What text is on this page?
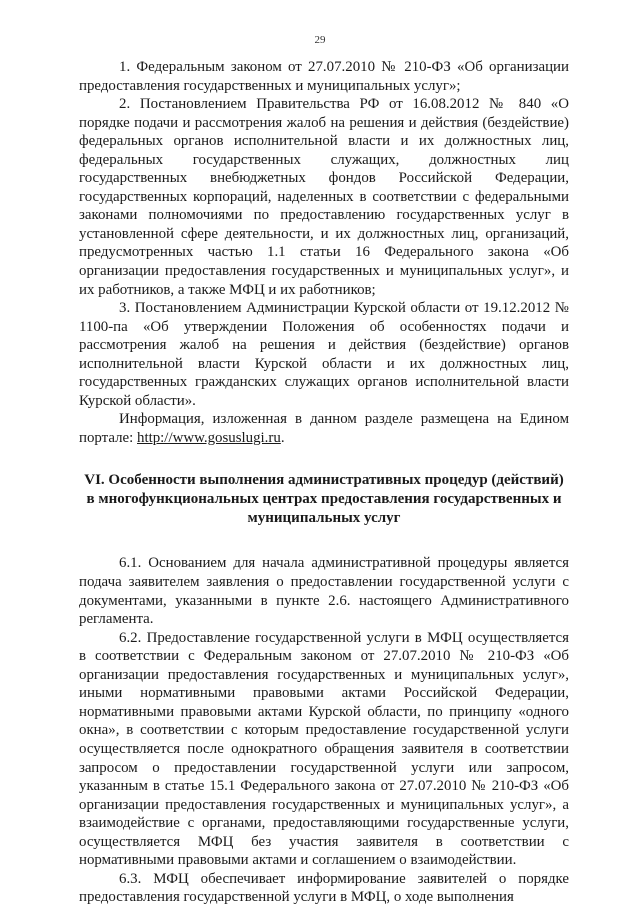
29

1. Федеральным законом от 27.07.2010 № 210-ФЗ «Об организации предоставления государственных и муниципальных услуг»;

2. Постановлением Правительства РФ от 16.08.2012 № 840 «О порядке подачи и рассмотрения жалоб на решения и действия (бездействие) федеральных органов исполнительной власти и их должностных лиц, федеральных государственных служащих, должностных лиц государственных внебюджетных фондов Российской Федерации, государственных корпораций, наделенных в соответствии с федеральными законами полномочиями по предоставлению государственных услуг в установленной сфере деятельности, и их должностных лиц, организаций, предусмотренных частью 1.1 статьи 16 Федерального закона «Об организации предоставления государственных и муниципальных услуг», и их работников, а также МФЦ и их работников;

3. Постановлением Администрации Курской области от 19.12.2012 № 1100-па «Об утверждении Положения об особенностях подачи и рассмотрения жалоб на решения и действия (бездействие) органов исполнительной власти Курской области и их должностных лиц, государственных гражданских служащих органов исполнительной власти Курской области».

Информация, изложенная в данном разделе размещена на Едином портале: http://www.gosuslugi.ru.

VI. Особенности выполнения административных процедур (действий)

в многофункциональных центрах предоставления государственных и

муниципальных услуг

6.1. Основанием для начала административной процедуры является подача заявителем заявления о предоставлении государственной услуги с документами, указанными в пункте 2.6. настоящего Административного регламента.

6.2. Предоставление государственной услуги в МФЦ осуществляется в соответствии с Федеральным законом от 27.07.2010 № 210-ФЗ «Об организации предоставления государственных и муниципальных услуг», иными нормативными правовыми актами Российской Федерации, нормативными правовыми актами Курской области, по принципу «одного окна», в соответствии с которым предоставление государственной услуги осуществляется после однократного обращения заявителя в соответствии запросом о предоставлении государственной услуги или запросом, указанным в статье 15.1 Федерального закона от 27.07.2010 № 210-ФЗ «Об организации предоставления государственных и муниципальных услуг», а взаимодействие с органами, предоставляющими государственные услуги, осуществляется МФЦ без участия заявителя в соответствии с нормативными правовыми актами и соглашением о взаимодействии.

6.3. МФЦ обеспечивает информирование заявителей о порядке предоставления государственной услуги в МФЦ, о ходе выполнения
